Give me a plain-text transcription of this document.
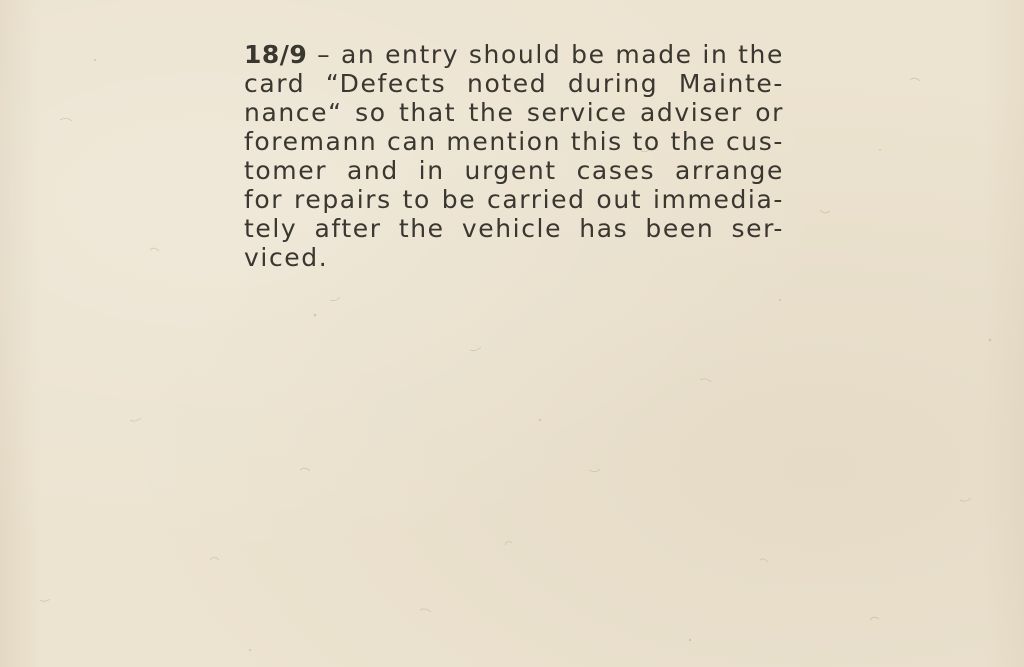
18/9 – an entry should be made in the
card “Defects noted during Mainte-
nance“ so that the service adviser or
foremann can mention this to the cus-
tomer and in urgent cases arrange
for repairs to be carried out immedia-
tely after the vehicle has been ser-
viced.
